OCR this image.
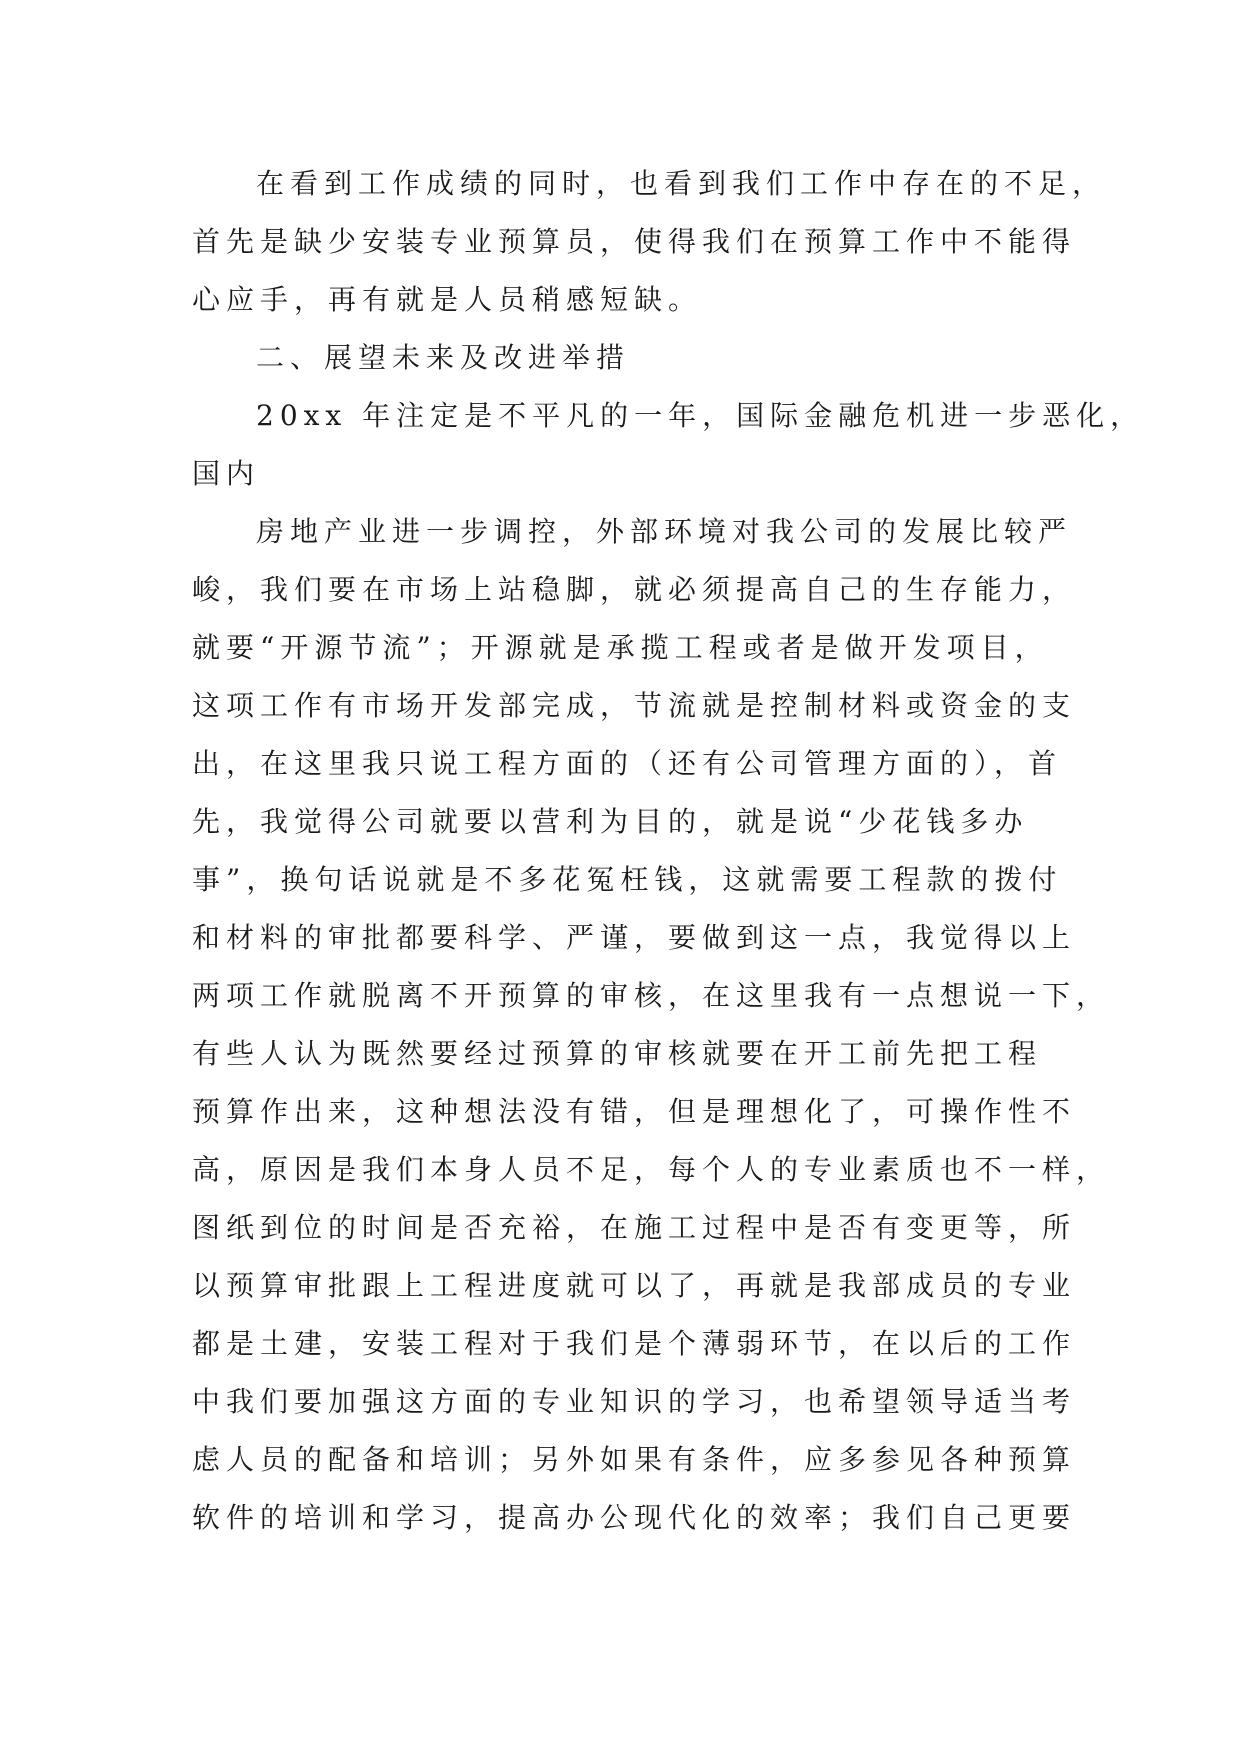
在看到工作成绩的同时，也看到我们工作中存在的不足，
首先是缺少安装专业预算员，使得我们在预算工作中不能得
心应手，再有就是人员稍感短缺。
二、展望未来及改进举措
20xx 年注定是不平凡的一年，国际金融危机进一步恶化，
国内
房地产业进一步调控，外部环境对我公司的发展比较严
峻，我们要在市场上站稳脚，就必须提高自己的生存能力，
就要“开源节流”；开源就是承揽工程或者是做开发项目，
这项工作有市场开发部完成，节流就是控制材料或资金的支
出，在这里我只说工程方面的（还有公司管理方面的），首
先，我觉得公司就要以营利为目的，就是说“少花钱多办
事”，换句话说就是不多花冤枉钱，这就需要工程款的拨付
和材料的审批都要科学、严谨，要做到这一点，我觉得以上
两项工作就脱离不开预算的审核，在这里我有一点想说一下，
有些人认为既然要经过预算的审核就要在开工前先把工程
预算作出来，这种想法没有错，但是理想化了，可操作性不
高，原因是我们本身人员不足，每个人的专业素质也不一样，
图纸到位的时间是否充裕，在施工过程中是否有变更等，所
以预算审批跟上工程进度就可以了，再就是我部成员的专业
都是土建，安装工程对于我们是个薄弱环节，在以后的工作
中我们要加强这方面的专业知识的学习，也希望领导适当考
虑人员的配备和培训；另外如果有条件，应多参见各种预算
软件的培训和学习，提高办公现代化的效率；我们自己更要
